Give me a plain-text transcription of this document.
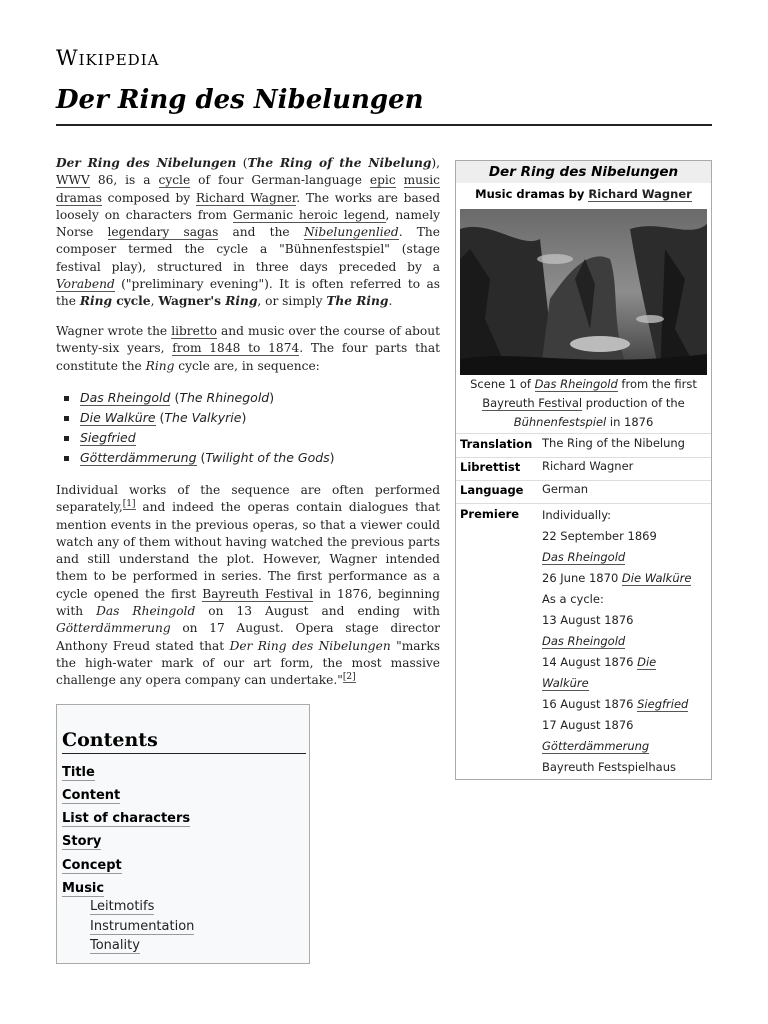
Wikipedia
Der Ring des Nibelungen
Der Ring des Nibelungen (The Ring of the Nibelung), WWV 86, is a cycle of four German-language epic music dramas composed by Richard Wagner. The works are based loosely on characters from Germanic heroic legend, namely Norse legendary sagas and the Nibelungenlied. The composer termed the cycle a "Bühnenfestspiel" (stage festival play), structured in three days preceded by a Vorabend ("preliminary evening"). It is often referred to as the Ring cycle, Wagner's Ring, or simply The Ring.
Wagner wrote the libretto and music over the course of about twenty-six years, from 1848 to 1874. The four parts that constitute the Ring cycle are, in sequence:
Das Rheingold (The Rhinegold)
Die Walküre (The Valkyrie)
Siegfried
Götterdämmerung (Twilight of the Gods)
Individual works of the sequence are often performed separately,[1] and indeed the operas contain dialogues that mention events in the previous operas, so that a viewer could watch any of them without having watched the previous parts and still understand the plot. However, Wagner intended them to be performed in series. The first performance as a cycle opened the first Bayreuth Festival in 1876, beginning with Das Rheingold on 13 August and ending with Götterdämmerung on 17 August. Opera stage director Anthony Freud stated that Der Ring des Nibelungen "marks the high-water mark of our art form, the most massive challenge any opera company can undertake."[2]
Contents
Title
Content
List of characters
Story
Concept
Music
Leitmotifs
Instrumentation
Tonality
Der Ring des Nibelungen
Music dramas by Richard Wagner
Scene 1 of Das Rheingold from the first Bayreuth Festival production of the Bühnenfestspiel in 1876
Translation The Ring of the Nibelung
Librettist Richard Wagner
Language German
Premiere Individually:
22 September 1869
Das Rheingold
26 June 1870 Die Walküre
As a cycle:
13 August 1876
Das Rheingold
14 August 1876 Die
Walküre
16 August 1876 Siegfried
17 August 1876
Götterdämmerung
Bayreuth Festspielhaus
